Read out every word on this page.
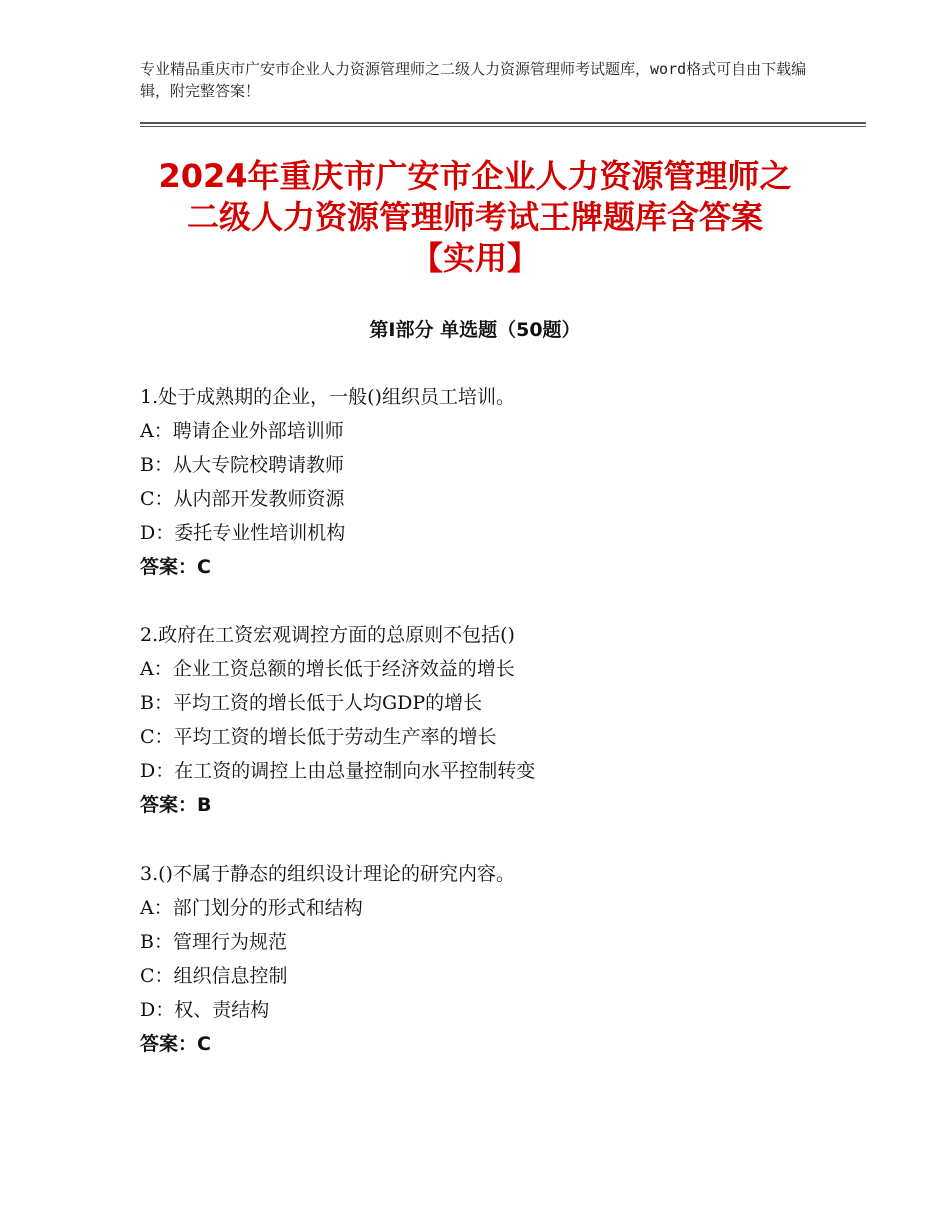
专业精品重庆市广安市企业人力资源管理师之二级人力资源管理师考试题库，word格式可自由下载编辑，附完整答案！
2024年重庆市广安市企业人力资源管理师之
二级人力资源管理师考试王牌题库含答案
【实用】
第Ⅰ部分 单选题（50题）
1.处于成熟期的企业，一般()组织员工培训。
A：聘请企业外部培训师
B：从大专院校聘请教师
C：从内部开发教师资源
D：委托专业性培训机构
答案：C
2.政府在工资宏观调控方面的总原则不包括()
A：企业工资总额的增长低于经济效益的增长
B：平均工资的增长低于人均GDP的增长
C：平均工资的增长低于劳动生产率的增长
D：在工资的调控上由总量控制向水平控制转变
答案：B
3.()不属于静态的组织设计理论的研究内容。
A：部门划分的形式和结构
B：管理行为规范
C：组织信息控制
D：权、责结构
答案：C
